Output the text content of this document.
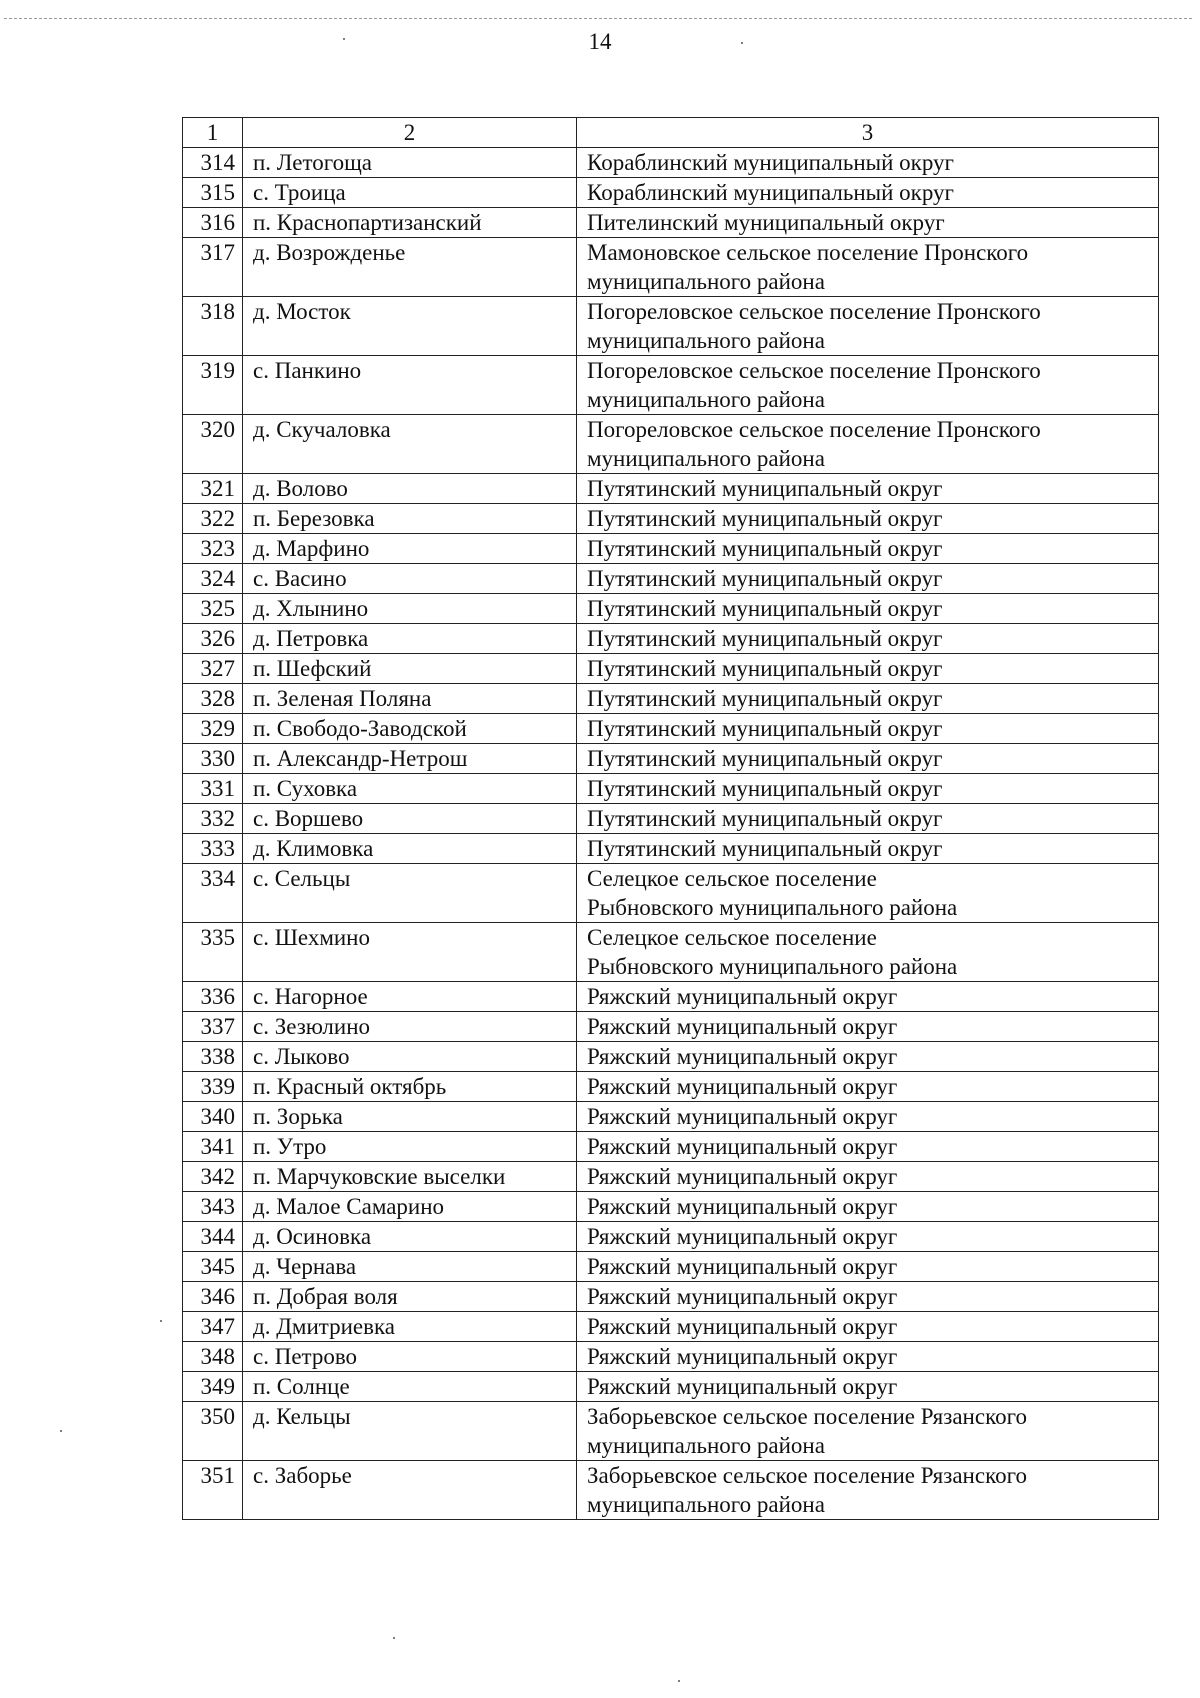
14
1	2	3
314	п. Летогоща	Кораблинский муниципальный округ

315	с. Троица	Кораблинский муниципальный округ

316	п. Краснопартизанский	Пителинский муниципальный округ

317	д. Возрожденье	Мамоновское сельское поселение Пронского
муниципального района

318	д. Мосток	Погореловское сельское поселение Пронского
муниципального района

319	с. Панкино	Погореловское сельское поселение Пронского
муниципального района

320	д. Скучаловка	Погореловское сельское поселение Пронского
муниципального района

321	д. Волово	Путятинский муниципальный округ

322	п. Березовка	Путятинский муниципальный округ

323	д. Марфино	Путятинский муниципальный округ

324	с. Васино	Путятинский муниципальный округ

325	д. Хлынино	Путятинский муниципальный округ

326	д. Петровка	Путятинский муниципальный округ

327	п. Шефский	Путятинский муниципальный округ

328	п. Зеленая Поляна	Путятинский муниципальный округ

329	п. Свободо-Заводской	Путятинский муниципальный округ

330	п. Александр-Нетрош	Путятинский муниципальный округ

331	п. Суховка	Путятинский муниципальный округ

332	с. Воршево	Путятинский муниципальный округ

333	д. Климовка	Путятинский муниципальный округ

334	с. Сельцы	Селецкое сельское поселение
Рыбновского муниципального района

335	с. Шехмино	Селецкое сельское поселение
Рыбновского муниципального района

336	с. Нагорное	Ряжский муниципальный округ

337	с. Зезюлино	Ряжский муниципальный округ

338	с. Лыково	Ряжский муниципальный округ

339	п. Красный октябрь	Ряжский муниципальный округ

340	п. Зорька	Ряжский муниципальный округ

341	п. Утро	Ряжский муниципальный округ

342	п. Марчуковские выселки	Ряжский муниципальный округ

343	д. Малое Самарино	Ряжский муниципальный округ

344	д. Осиновка	Ряжский муниципальный округ

345	д. Чернава	Ряжский муниципальный округ

346	п. Добрая воля	Ряжский муниципальный округ

347	д. Дмитриевка	Ряжский муниципальный округ

348	с. Петрово	Ряжский муниципальный округ

349	п. Солнце	Ряжский муниципальный округ

350	д. Кельцы	Заборьевское сельское поселение Рязанского
муниципального района

351	с. Заборье	Заборьевское сельское поселение Рязанского
муниципального района
